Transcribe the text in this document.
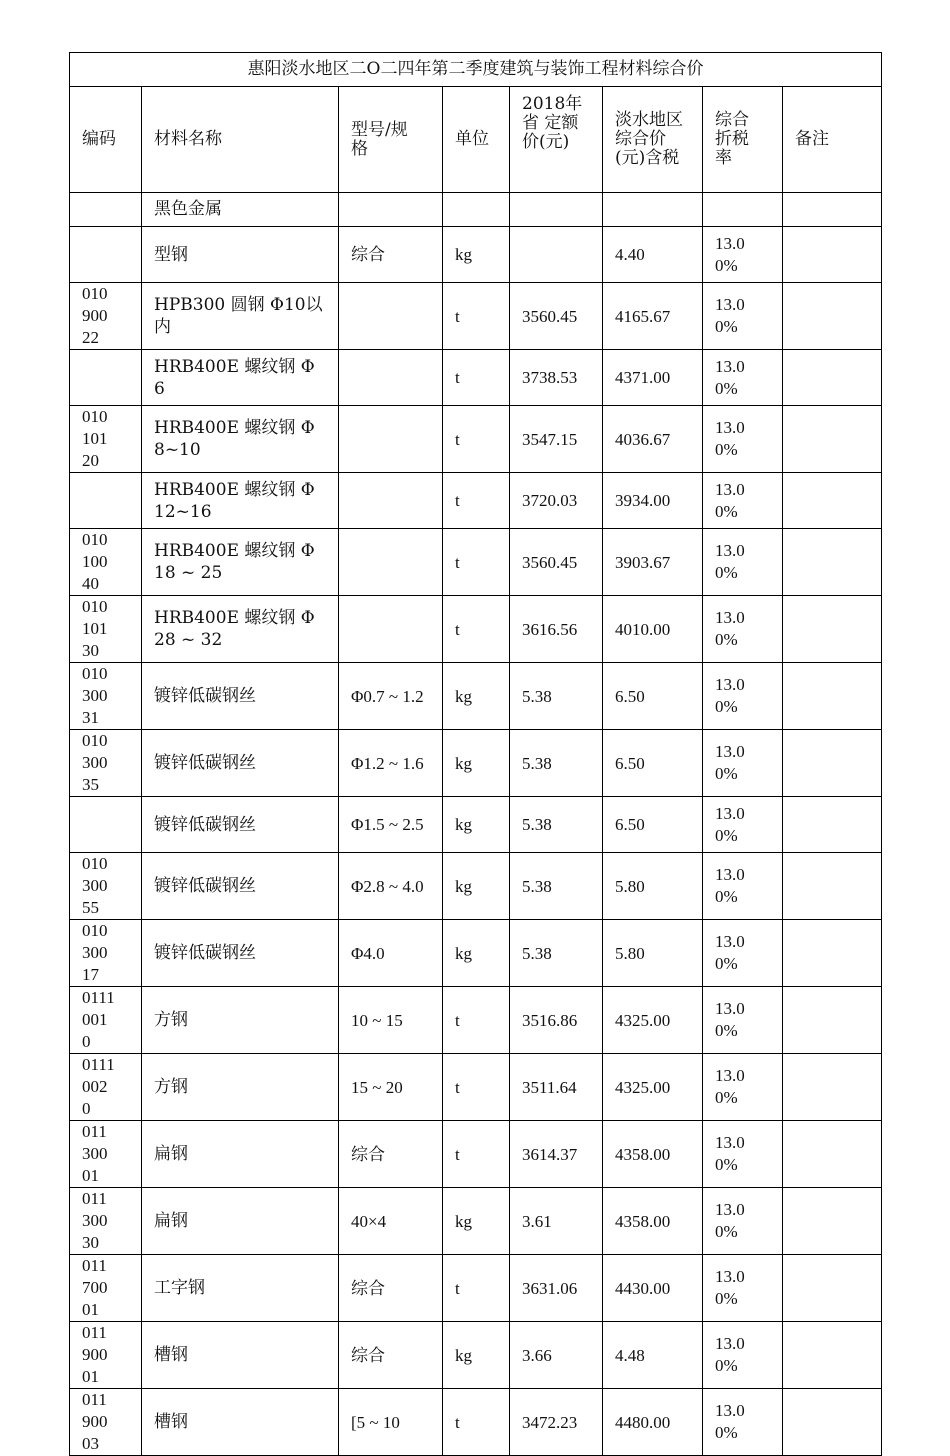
惠阳淡水地区二O二四年第二季度建筑与装饰工程材料综合价							
编码	材料名称	型号/规格	单位	2018年省 定额价(元)	淡水地区综合价(元)含税	综合折税率	备注
	黑色金属						
	型钢	综合	kg		4.40	13.00%	
01090022	HPB300 圆钢 Φ10以内		t	3560.45	4165.67	13.00%	
	HRB400E 螺纹钢 Φ6		t	3738.53	4371.00	13.00%	
01010120	HRB400E 螺纹钢 Φ8~10		t	3547.15	4036.67	13.00%	
	HRB400E 螺纹钢 Φ12~16		t	3720.03	3934.00	13.00%	
01010040	HRB400E 螺纹钢 Φ18 ~ 25		t	3560.45	3903.67	13.00%	
01010130	HRB400E 螺纹钢 Φ28 ~ 32		t	3616.56	4010.00	13.00%	
01030031	镀锌低碳钢丝	Φ0.7 ~ 1.2	kg	5.38	6.50	13.00%	
01030035	镀锌低碳钢丝	Φ1.2 ~ 1.6	kg	5.38	6.50	13.00%	
	镀锌低碳钢丝	Φ1.5 ~ 2.5	kg	5.38	6.50	13.00%	
01030055	镀锌低碳钢丝	Φ2.8 ~ 4.0	kg	5.38	5.80	13.00%	
01030017	镀锌低碳钢丝	Φ4.0	kg	5.38	5.80	13.00%	
01110010	方钢	10 ~ 15	t	3516.86	4325.00	13.00%	
01110020	方钢	15 ~ 20	t	3511.64	4325.00	13.00%	
01130001	扁钢	综合	t	3614.37	4358.00	13.00%	
01130030	扁钢	40×4	kg	3.61	4358.00	13.00%	
01170001	工字钢	综合	t	3631.06	4430.00	13.00%	
01190001	槽钢	综合	kg	3.66	4.48	13.00%	
01190003	槽钢	[5 ~ 10	t	3472.23	4480.00	13.00%	
